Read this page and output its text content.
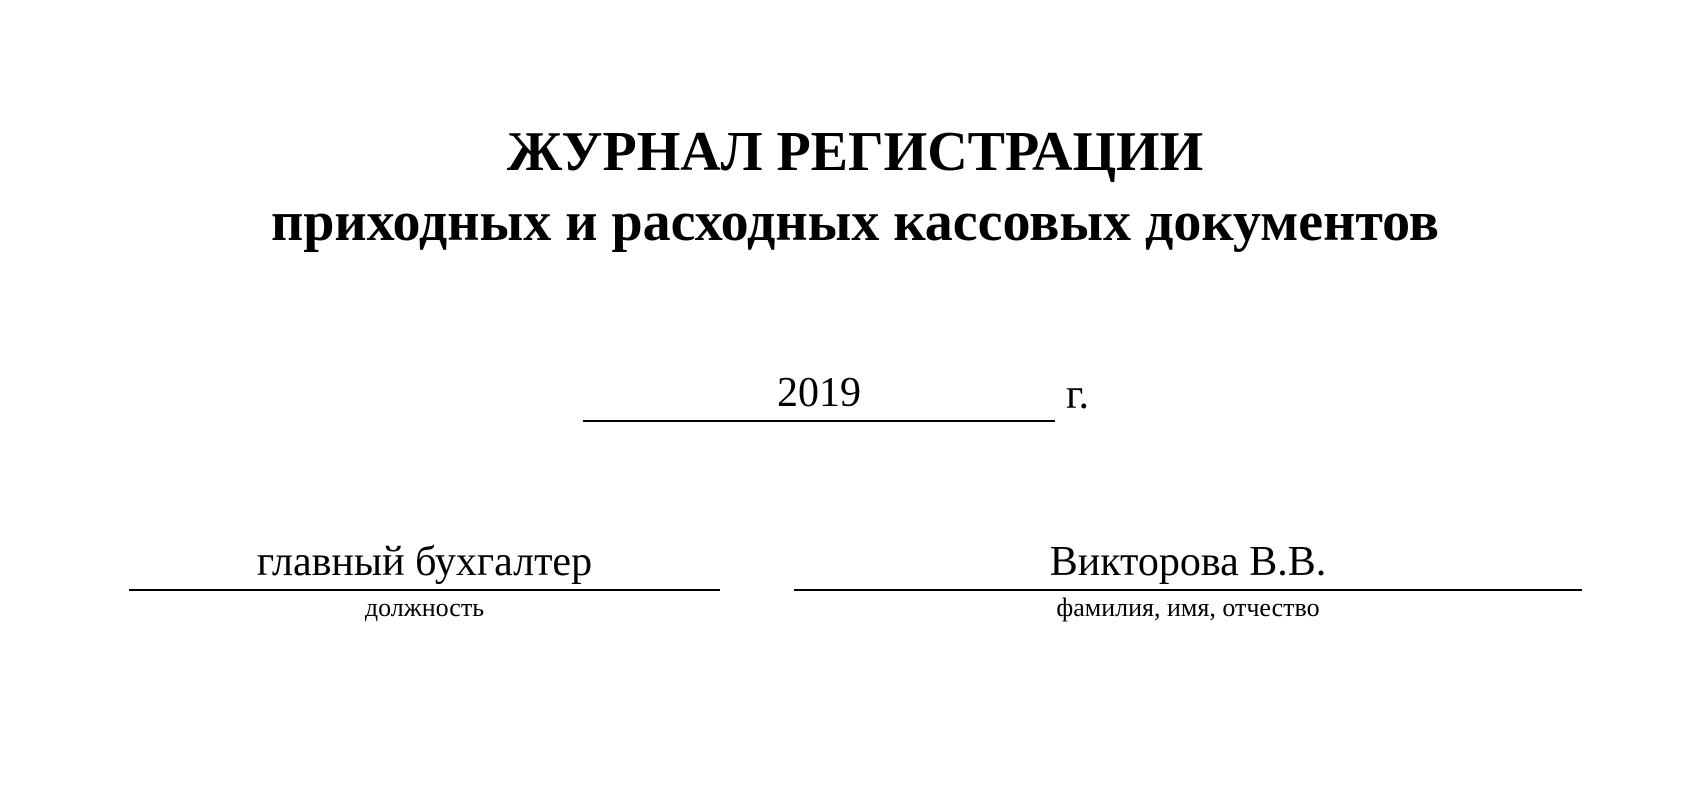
ЖУРНАЛ РЕГИСТРАЦИИ
приходных и расходных кассовых документов
2019	г.
главный бухгалтер
должность
Викторова В.В.
фамилия, имя, отчество
